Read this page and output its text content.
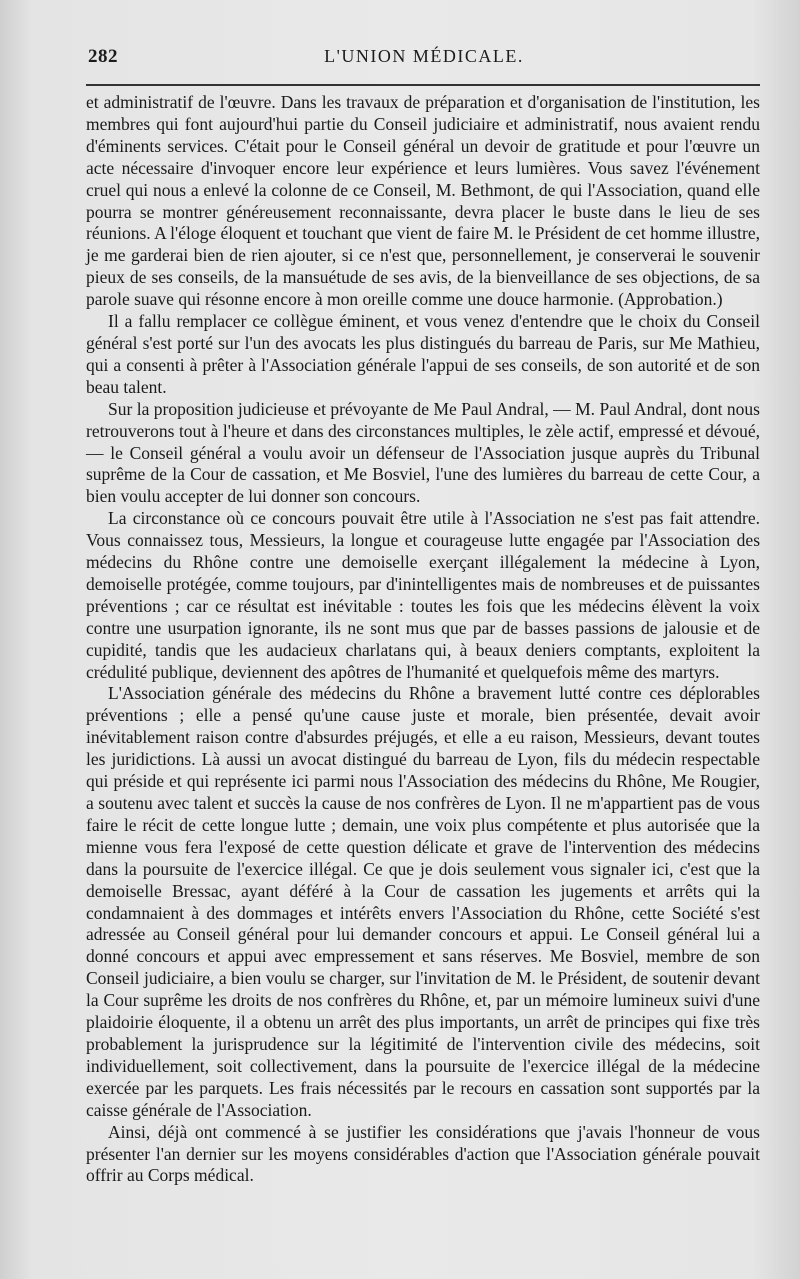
282	L'UNION MÉDICALE.

et administratif de l'œuvre. Dans les travaux de préparation et d'organisation de l'institution, les membres qui font aujourd'hui partie du Conseil judiciaire et administratif, nous avaient rendu d'éminents services. C'était pour le Conseil général un devoir de gratitude et pour l'œuvre un acte nécessaire d'invoquer encore leur expérience et leurs lumières. Vous savez l'événement cruel qui nous a enlevé la colonne de ce Conseil, M. Bethmont, de qui l'Association, quand elle pourra se montrer généreusement reconnaissante, devra placer le buste dans le lieu de ses réunions. A l'éloge éloquent et touchant que vient de faire M. le Président de cet homme illustre, je me garderai bien de rien ajouter, si ce n'est que, personnellement, je conserverai le souvenir pieux de ses conseils, de la mansuétude de ses avis, de la bienveillance de ses objections, de sa parole suave qui résonne encore à mon oreille comme une douce harmonie. (Approbation.)

Il a fallu remplacer ce collègue éminent, et vous venez d'entendre que le choix du Conseil général s'est porté sur l'un des avocats les plus distingués du barreau de Paris, sur Me Mathieu, qui a consenti à prêter à l'Association générale l'appui de ses conseils, de son autorité et de son beau talent.

Sur la proposition judicieuse et prévoyante de Me Paul Andral, — M. Paul Andral, dont nous retrouverons tout à l'heure et dans des circonstances multiples, le zèle actif, empressé et dévoué, — le Conseil général a voulu avoir un défenseur de l'Association jusque auprès du Tribunal suprême de la Cour de cassation, et Me Bosviel, l'une des lumières du barreau de cette Cour, a bien voulu accepter de lui donner son concours.

La circonstance où ce concours pouvait être utile à l'Association ne s'est pas fait attendre. Vous connaissez tous, Messieurs, la longue et courageuse lutte engagée par l'Association des médecins du Rhône contre une demoiselle exerçant illégalement la médecine à Lyon, demoiselle protégée, comme toujours, par d'inintelligentes mais de nombreuses et de puissantes préventions ; car ce résultat est inévitable : toutes les fois que les médecins élèvent la voix contre une usurpation ignorante, ils ne sont mus que par de basses passions de jalousie et de cupidité, tandis que les audacieux charlatans qui, à beaux deniers comptants, exploitent la crédulité publique, deviennent des apôtres de l'humanité et quelquefois même des martyrs.

L'Association générale des médecins du Rhône a bravement lutté contre ces déplorables préventions ; elle a pensé qu'une cause juste et morale, bien présentée, devait avoir inévitablement raison contre d'absurdes préjugés, et elle a eu raison, Messieurs, devant toutes les juridictions. Là aussi un avocat distingué du barreau de Lyon, fils du médecin respectable qui préside et qui représente ici parmi nous l'Association des médecins du Rhône, Me Rougier, a soutenu avec talent et succès la cause de nos confrères de Lyon. Il ne m'appartient pas de vous faire le récit de cette longue lutte ; demain, une voix plus compétente et plus autorisée que la mienne vous fera l'exposé de cette question délicate et grave de l'intervention des médecins dans la poursuite de l'exercice illégal. Ce que je dois seulement vous signaler ici, c'est que la demoiselle Bressac, ayant déféré à la Cour de cassation les jugements et arrêts qui la condamnaient à des dommages et intérêts envers l'Association du Rhône, cette Société s'est adressée au Conseil général pour lui demander concours et appui. Le Conseil général lui a donné concours et appui avec empressement et sans réserves. Me Bosviel, membre de son Conseil judiciaire, a bien voulu se charger, sur l'invitation de M. le Président, de soutenir devant la Cour suprême les droits de nos confrères du Rhône, et, par un mémoire lumineux suivi d'une plaidoirie éloquente, il a obtenu un arrêt des plus importants, un arrêt de principes qui fixe très probablement la jurisprudence sur la légitimité de l'intervention civile des médecins, soit individuellement, soit collectivement, dans la poursuite de l'exercice illégal de la médecine exercée par les parquets. Les frais nécessités par le recours en cassation sont supportés par la caisse générale de l'Association.

Ainsi, déjà ont commencé à se justifier les considérations que j'avais l'honneur de vous présenter l'an dernier sur les moyens considérables d'action que l'Association générale pouvait offrir au Corps médical.
